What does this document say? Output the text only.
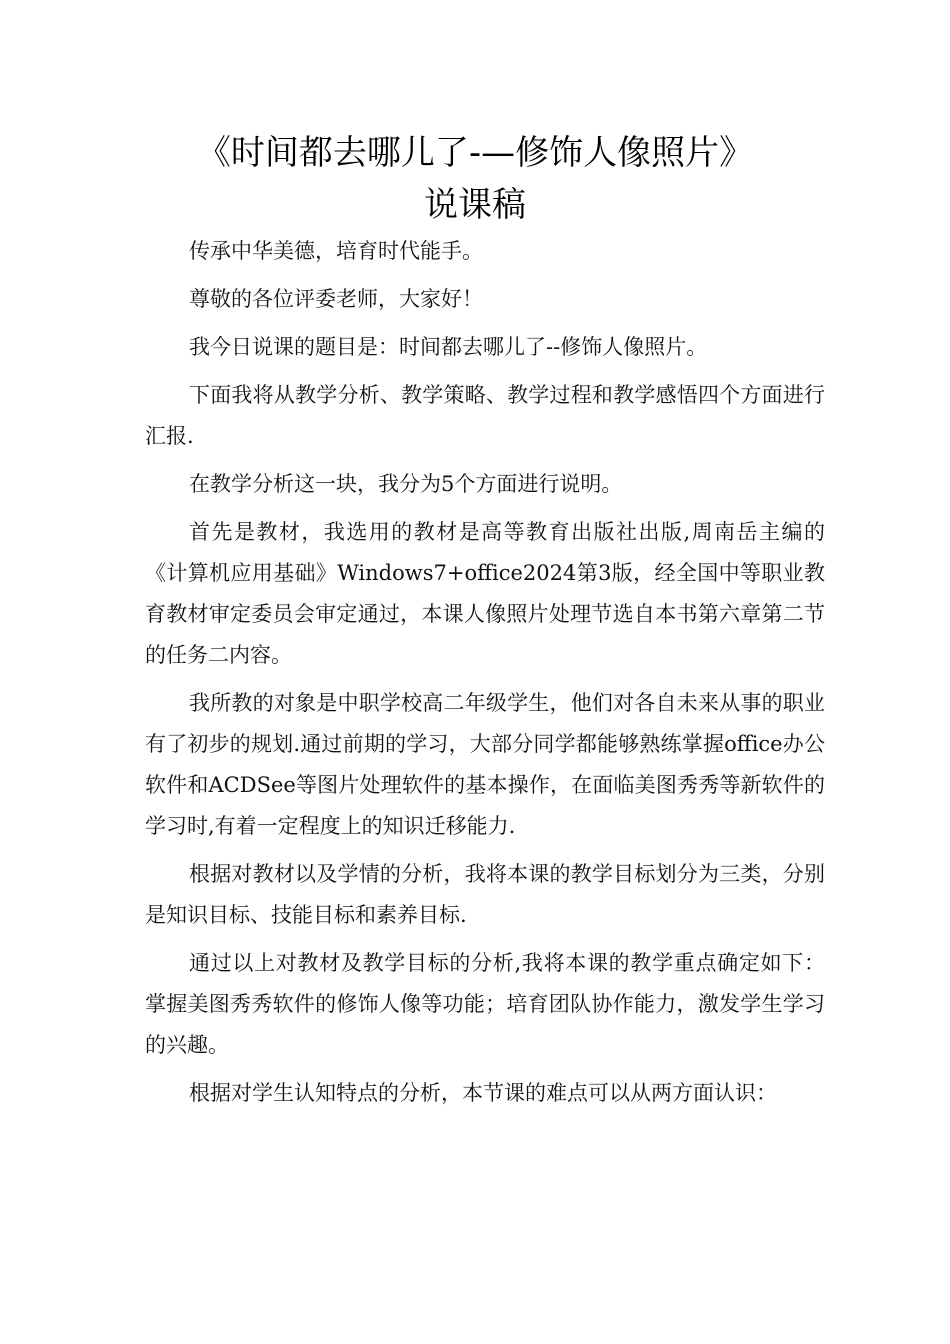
《时间都去哪儿了-—修饰人像照片》
说课稿

传承中华美德，培育时代能手。

尊敬的各位评委老师，大家好！

我今日说课的题目是：时间都去哪儿了--修饰人像照片。

下面我将从教学分析、教学策略、教学过程和教学感悟四个方面进行汇报.

在教学分析这一块，我分为5个方面进行说明。

首先是教材，我选用的教材是高等教育出版社出版,周南岳主编的《计算机应用基础》Windows7+office2024第3版，经全国中等职业教育教材审定委员会审定通过，本课人像照片处理节选自本书第六章第二节的任务二内容。

我所教的对象是中职学校高二年级学生，他们对各自未来从事的职业有了初步的规划.通过前期的学习，大部分同学都能够熟练掌握office办公软件和ACDSee等图片处理软件的基本操作，在面临美图秀秀等新软件的学习时,有着一定程度上的知识迁移能力.

根据对教材以及学情的分析，我将本课的教学目标划分为三类，分别是知识目标、技能目标和素养目标.

通过以上对教材及教学目标的分析,我将本课的教学重点确定如下：掌握美图秀秀软件的修饰人像等功能；培育团队协作能力，激发学生学习的兴趣。

根据对学生认知特点的分析，本节课的难点可以从两方面认识：
